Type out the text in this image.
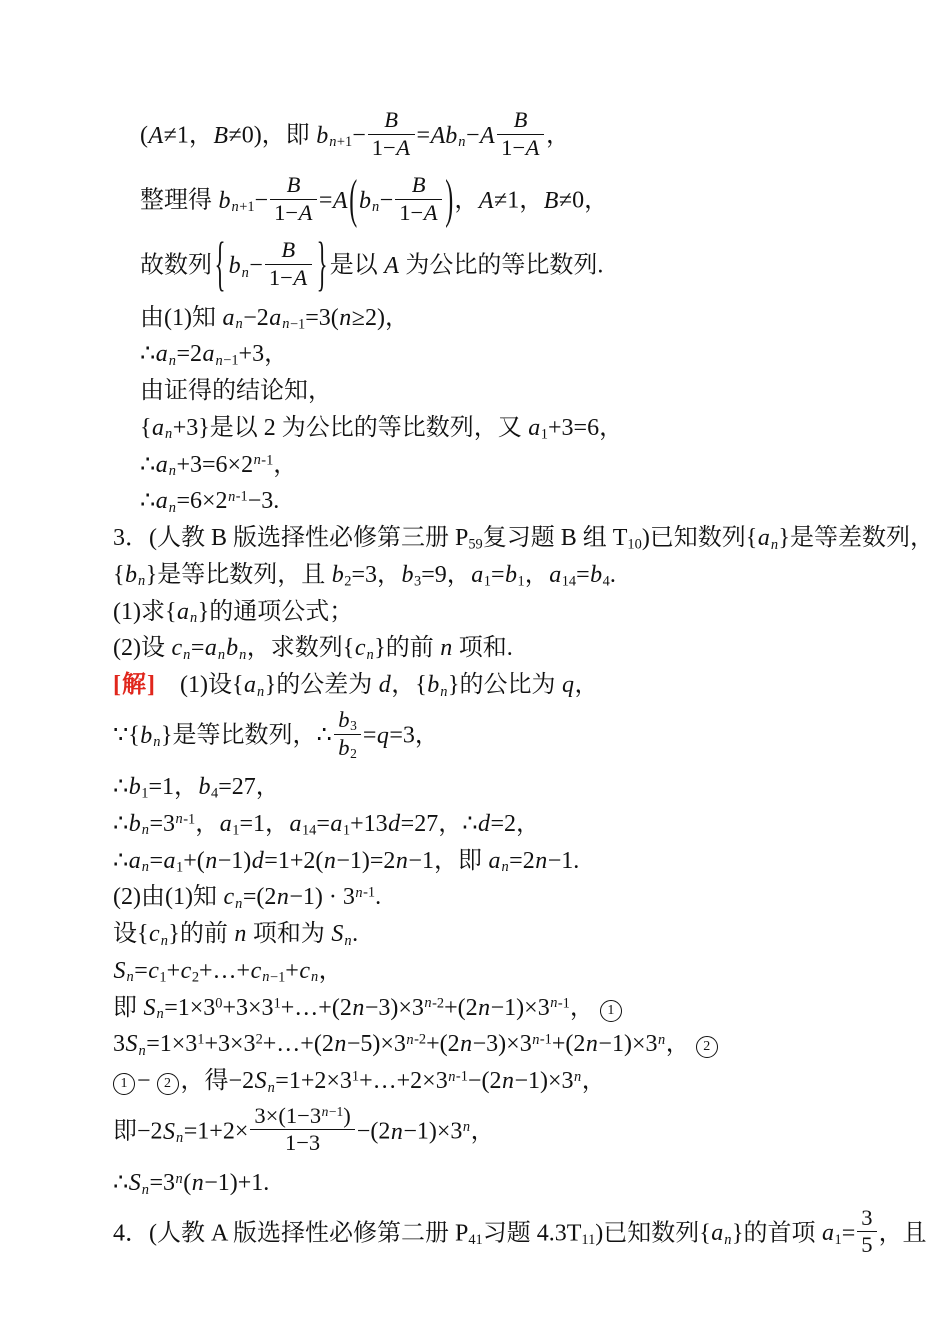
(A≠1，B≠0)，即 $b_{n+1}- \frac{B}{1-A} =Ab_n-A \frac{B}{1-A}$ ，
整理得 $b_{n+1}- \frac{B}{1-A} =A(b_n- \frac{B}{1-A}$ )，A≠1，B≠0，
故数列 { $b_n- \frac{B}{1-A}$ } 是以 A 为公比的等比数列.
由(1)知 $a_n-2a_{n-1}=3(n\ge 2)$，
$\therefore a_n=2a_{n-1}+3$，
由证得的结论知，
$\{a_n+3\}$是以 2 为公比的等比数列，又 $a_1+3=6$，
$\therefore a_n+3=6\times 2^{n-1}$，
$\therefore a_n=6\times 2^{n-1}-3$.
3．(人教 B 版选择性必修第三册 $P_{59}$复习题 B 组 $T_{10}$)已知数列$\{a_n\}$是等差数列，
$\{b_n\}$是等比数列，且 $b_2=3$，$b_3=9$，$a_1=b_1$，$a_{14}=b_4$.
(1)求$\{a_n\}$的通项公式；
(2)设 $c_n=a_nb_n$，求数列$\{c_n\}$的前 n 项和.
[解]　(1)设$\{a_n\}$的公差为 d，$\{b_n\}$的公比为 q，
$\because\{b_n\}$是等比数列，∴ $\frac{b_3}{b_2} =q=3$，
$\therefore b_1=1$，$b_4=27$，
$\therefore b_n=3^{n-1}$，$a_1=1$，$a_{14}=a_1+13d=27$，∴d=2，
$\therefore a_n=a_1+(n-1)d=1+2(n-1)=2n-1$，即 $a_n=2n-1$.
(2)由(1)知 $c_n=(2n-1) \cdot 3^{n-1}$.
设$\{c_n\}$的前 n 项和为 $S_n$.
$S_n=c_1+c_2+\dots+c_{n-1}+c_n$，
即 $S_n=1\times 3^0+3\times 3^1+\dots+(2n-3)\times 3^{n-2}+(2n-1)\times 3^{n-1}$， 1
$3S_n=1\times 3^1+3\times 3^2+\dots+(2n-5)\times 3^{n-2}+(2n-3)\times 3^{n-1}+(2n-1)\times 3^n$， 2
1 − 2 ，得$-2S_n=1+2\times 3^1+\dots+2\times 3^{n-1}-(2n-1)\times 3^n$，
即$-2S_n=1+2\times \frac{3\times(1-3^{n-1})}{1-3} -(2n-1)\times 3^n$，
$\therefore S_n=3^n(n-1)+1$.
4．(人教 A 版选择性必修第二册 $P_{41}$习题 $4.3T_{11}$)已知数列$\{a_n\}$的首项 $a_1= \frac{3}{5}$ ，且
